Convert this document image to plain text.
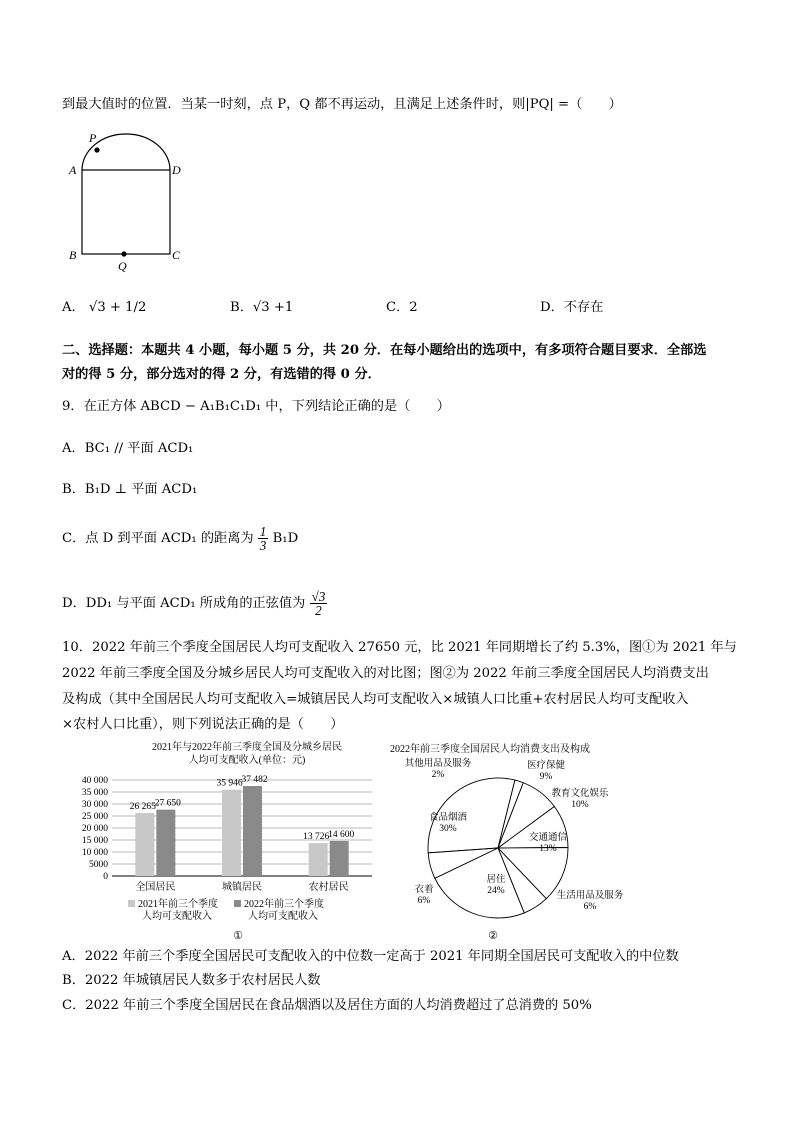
到最大值时的位置．当某一时刻，点 P，Q 都不再运动，且满足上述条件时，则|PQ| =（　　）
P
A	D
B	C
Q
A． √3 + 1/2	B．√3 +1	C．2	D．不存在
二、选择题：本题共 4 小题，每小题 5 分，共 20 分．在每小题给出的选项中，有多项符合题目要求．全部选
对的得 5 分，部分选对的得 2 分，有选错的得 0 分．
9．在正方体 ABCD − A₁B₁C₁D₁ 中，下列结论正确的是（　　）
A．BC₁ // 平面 ACD₁
B．B₁D ⊥ 平面 ACD₁
C．点 D 到平面 ACD₁ 的距离为 $\frac{1}{3} B_1D$
D．DD₁ 与平面 ACD₁ 所成角的正弦值为 $\frac{√3}{2}$
10．2022 年前三个季度全国居民人均可支配收入 27650 元，比 2021 年同期增长了约 5.3%，图①为 2021 年与
2022 年前三季度全国及分城乡居民人均可支配收入的对比图；图②为 2022 年前三季度全国居民人均消费支出
及构成（其中全国居民人均可支配收入=城镇居民人均可支配收入×城镇人口比重+农村居民人均可支配收入
×农村人口比重），则下列说法正确的是（　　）
2021年与2022年前三季度全国及分城乡居民
人均可支配收入(单位：元)
0
5000
10 000
15 000
20 000
25 000
30 000
35 000
40 000
26 265
27 650
全国居民
35 946
37 482
城镇居民
13 726
14 600
农村居民
2021年前三个季度
人均可支配收入
2022年前三个季度
人均可支配收入
①
2022年前三季度全国居民人均消费支出及构成
食品烟酒
30%
其他用品及服务
2%
医疗保健
9%
教育文化娱乐
10%
交通通信
13%
生活用品及服务
6%
居住
24%
衣着
6%
②
A．2022 年前三个季度全国居民可支配收入的中位数一定高于 2021 年同期全国居民可支配收入的中位数
B．2022 年城镇居民人数多于农村居民人数
C．2022 年前三个季度全国居民在食品烟酒以及居住方面的人均消费超过了总消费的 50%
